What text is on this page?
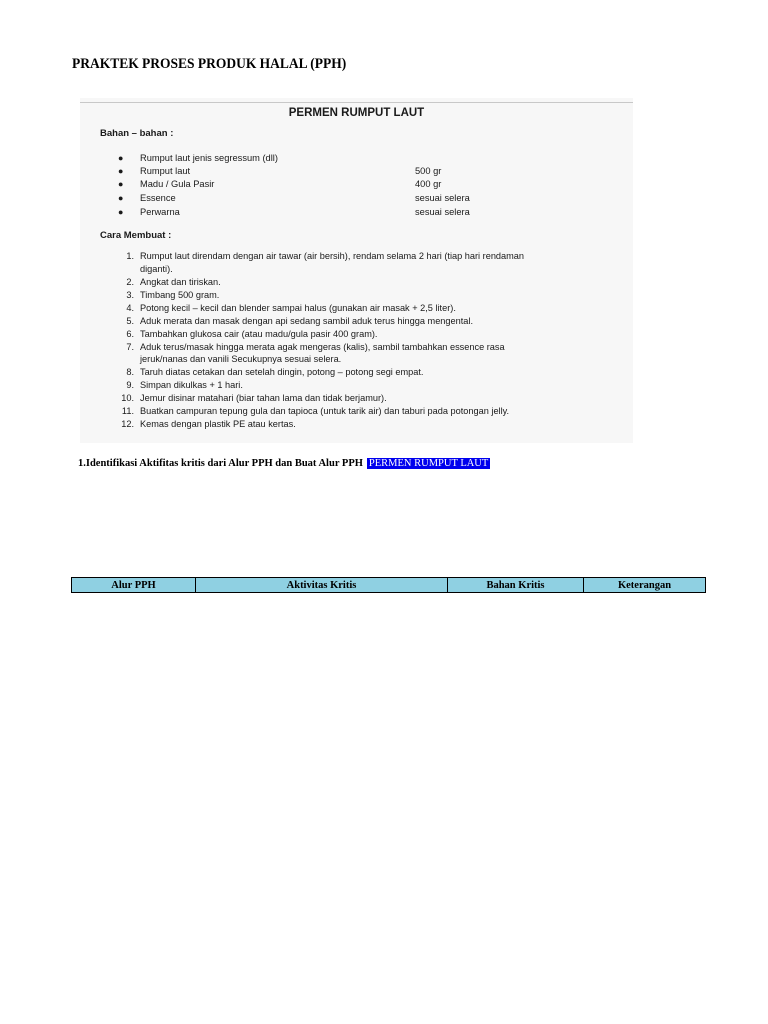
PRAKTEK PROSES PRODUK HALAL (PPH)
PERMEN RUMPUT LAUT
Bahan – bahan :
● Rumput laut jenis segressum (dll)
● Rumput laut	500 gr
● Madu / Gula Pasir	400 gr
● Essence	sesuai selera
● Perwarna	sesuai selera
Cara Membuat :
1. Rumput laut direndam dengan air tawar (air bersih), rendam selama 2 hari (tiap hari rendaman
diganti).
2. Angkat dan tiriskan.
3. Timbang 500 gram.
4. Potong kecil – kecil dan blender sampai halus (gunakan air masak + 2,5 liter).
5. Aduk merata dan masak dengan api sedang sambil aduk terus hingga mengental.
6. Tambahkan glukosa cair (atau madu/gula pasir 400 gram).
7. Aduk terus/masak hingga merata agak mengeras (kalis), sambil tambahkan essence rasa
jeruk/nanas dan vanili Secukupnya sesuai selera.
8. Taruh diatas cetakan dan setelah dingin, potong – potong segi empat.
9. Simpan dikulkas + 1 hari.
10. Jemur disinar matahari (biar tahan lama dan tidak berjamur).
11. Buatkan campuran tepung gula dan tapioca (untuk tarik air) dan taburi pada potongan jelly.
12. Kemas dengan plastik PE atau kertas.
1.Identifikasi Aktifitas kritis dari Alur PPH dan Buat Alur PPH PERMEN RUMPUT LAUT
Alur PPH	Aktivitas Kritis	Bahan Kritis	Keterangan
